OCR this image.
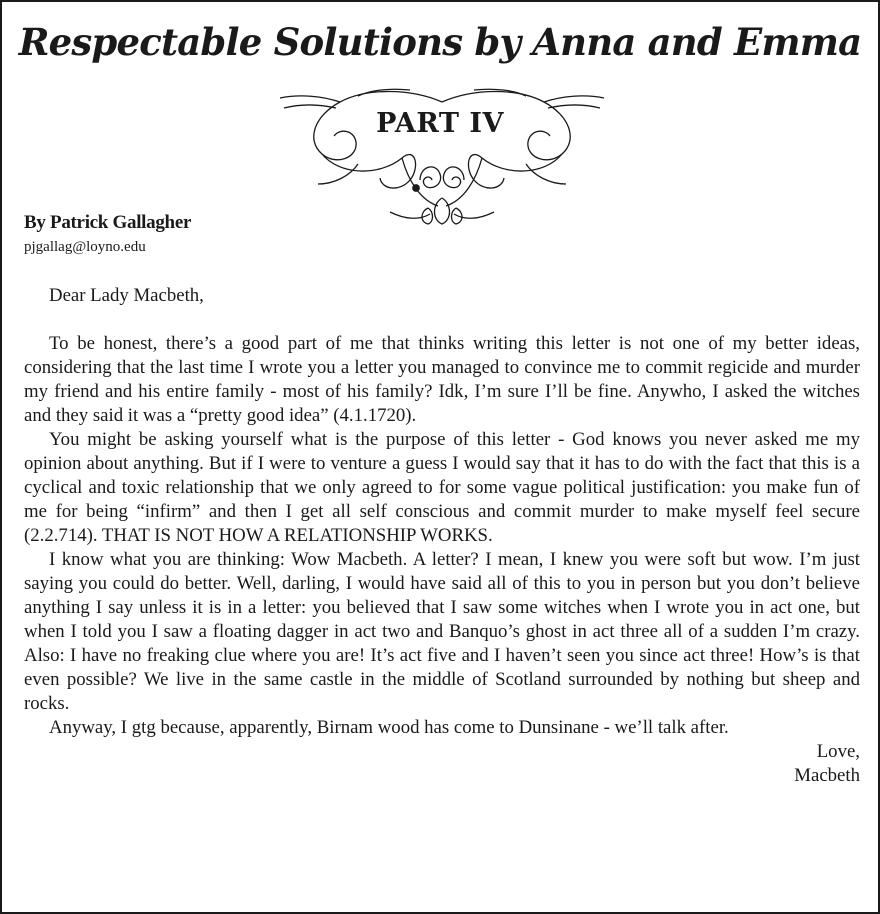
Respectable Solutions by Anna and Emma
PART IV
By Patrick Gallagher
pjgallag@loyno.edu

Dear Lady Macbeth,

To be honest, there’s a good part of me that thinks writing this letter is not one of my better ideas, considering that the last time I wrote you a letter you managed to convince me to commit regicide and murder my friend and his entire family - most of his family? Idk, I’m sure I’ll be fine. Anywho, I asked the witches and they said it was a “pretty good idea” (4.1.1720).

You might be asking yourself what is the purpose of this letter - God knows you never asked me my opinion about anything. But if I were to venture a guess I would say that it has to do with the fact that this is a cyclical and toxic relationship that we only agreed to for some vague political justification: you make fun of me for being “infirm” and then I get all self conscious and commit murder to make myself feel secure (2.2.714). THAT IS NOT HOW A RELATIONSHIP WORKS.

I know what you are thinking: Wow Macbeth. A letter? I mean, I knew you were soft but wow. I’m just saying you could do better. Well, darling, I would have said all of this to you in person but you don’t believe anything I say unless it is in a letter: you believed that I saw some witches when I wrote you in act one, but when I told you I saw a floating dagger in act two and Banquo’s ghost in act three all of a sudden I’m crazy. Also: I have no freaking clue where you are! It’s act five and I haven’t seen you since act three! How’s is that even possible? We live in the same castle in the middle of Scotland surrounded by nothing but sheep and rocks.

Anyway, I gtg because, apparently, Birnam wood has come to Dunsinane - we’ll talk after.

Love,

Macbeth
